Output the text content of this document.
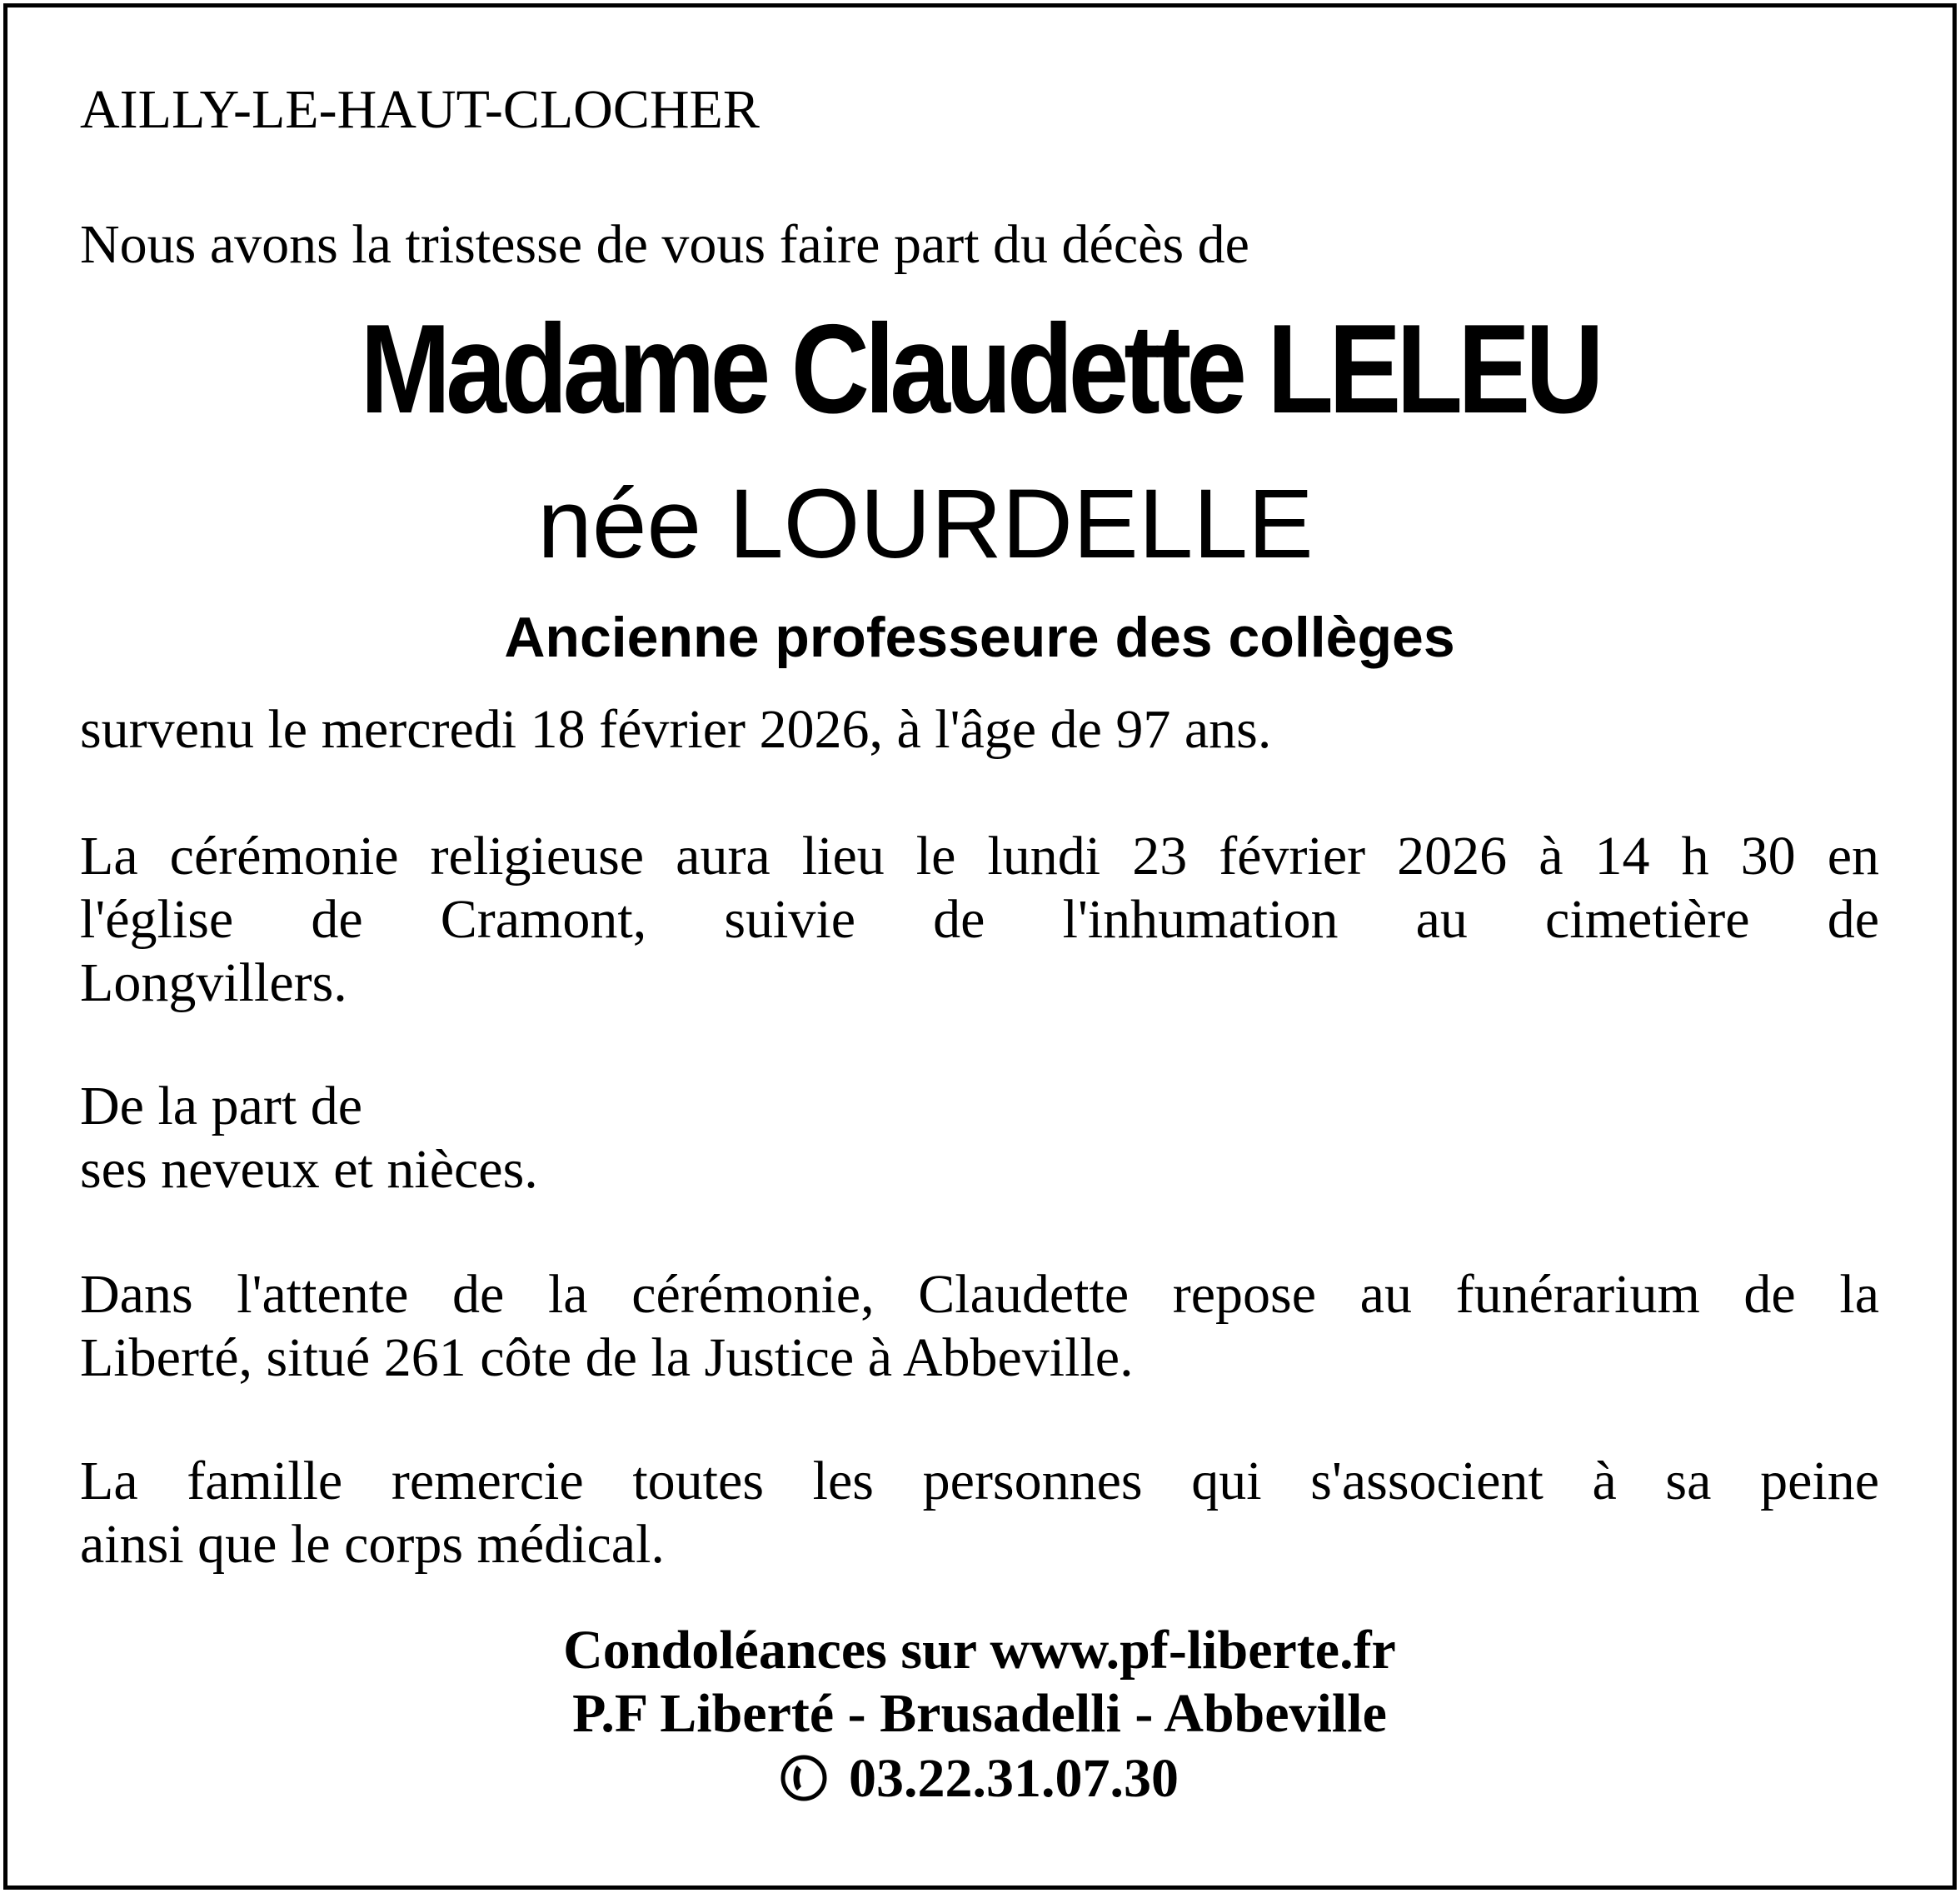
AILLY-LE-HAUT-CLOCHER
Nous avons la tristesse de vous faire part du décès de
Madame Claudette LELEU
née LOURDELLE
Ancienne professeure des collèges
survenu le mercredi 18 février 2026, à l'âge de 97 ans.
La cérémonie religieuse aura lieu le lundi 23 février 2026 à 14 h 30 en
l'église de Cramont, suivie de l'inhumation au cimetière de
Longvillers.
De la part de
ses neveux et nièces.
Dans l'attente de la cérémonie, Claudette repose au funérarium de la
Liberté, situé 261 côte de la Justice à Abbeville.
La famille remercie toutes les personnes qui s'associent à sa peine
ainsi que le corps médical.
Condoléances sur www.pf-liberte.fr
P.F Liberté - Brusadelli - Abbeville
03.22.31.07.30
